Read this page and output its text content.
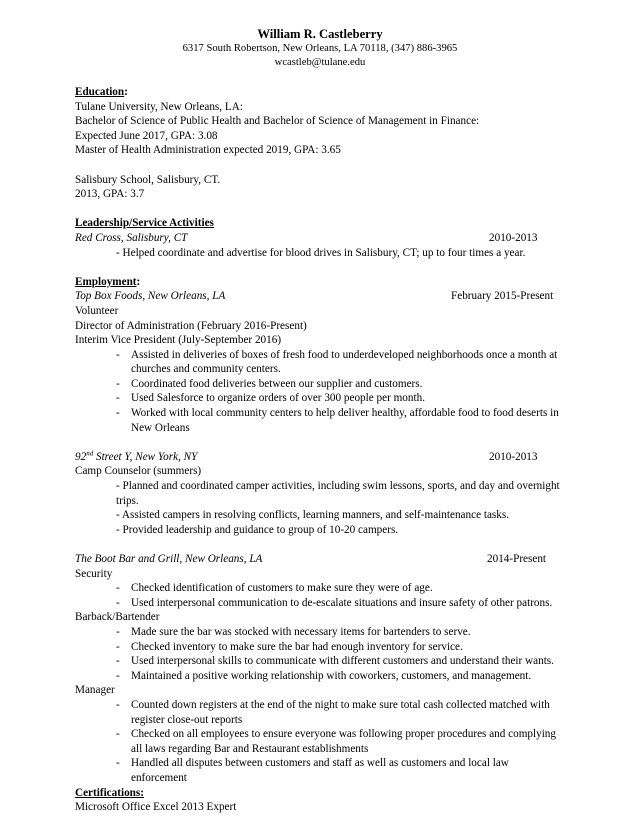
William R. Castleberry
6317 South Robertson, New Orleans, LA 70118, (347) 886-3965
wcastleb@tulane.edu
Education:
Tulane University, New Orleans, LA:
Bachelor of Science of Public Health and Bachelor of Science of Management in Finance:
Expected June 2017, GPA: 3.08
Master of Health Administration expected 2019, GPA: 3.65
Salisbury School, Salisbury, CT.
2013, GPA: 3.7
Leadership/Service Activities
Red Cross, Salisbury, CT	2010-2013
- Helped coordinate and advertise for blood drives in Salisbury, CT; up to four times a year.
Employment:
Top Box Foods, New Orleans, LA	February 2015-Present
Volunteer
Director of Administration (February 2016-Present)
Interim Vice President (July-September 2016)
- Assisted in deliveries of boxes of fresh food to underdeveloped neighborhoods once a month at churches and community centers.
- Coordinated food deliveries between our supplier and customers.
- Used Salesforce to organize orders of over 300 people per month.
- Worked with local community centers to help deliver healthy, affordable food to food deserts in New Orleans
92nd Street Y, New York, NY	2010-2013
Camp Counselor (summers)
- Planned and coordinated camper activities, including swim lessons, sports, and day and overnight trips.
- Assisted campers in resolving conflicts, learning manners, and self-maintenance tasks.
- Provided leadership and guidance to group of 10-20 campers.
The Boot Bar and Grill, New Orleans, LA	2014-Present
Security
- Checked identification of customers to make sure they were of age.
- Used interpersonal communication to de-escalate situations and insure safety of other patrons.
Barback/Bartender
- Made sure the bar was stocked with necessary items for bartenders to serve.
- Checked inventory to make sure the bar had enough inventory for service.
- Used interpersonal skills to communicate with different customers and understand their wants.
- Maintained a positive working relationship with coworkers, customers, and management.
Manager
- Counted down registers at the end of the night to make sure total cash collected matched with register close-out reports
- Checked on all employees to ensure everyone was following proper procedures and complying all laws regarding Bar and Restaurant establishments
- Handled all disputes between customers and staff as well as customers and local law enforcement
Certifications:
Microsoft Office Excel 2013 Expert
